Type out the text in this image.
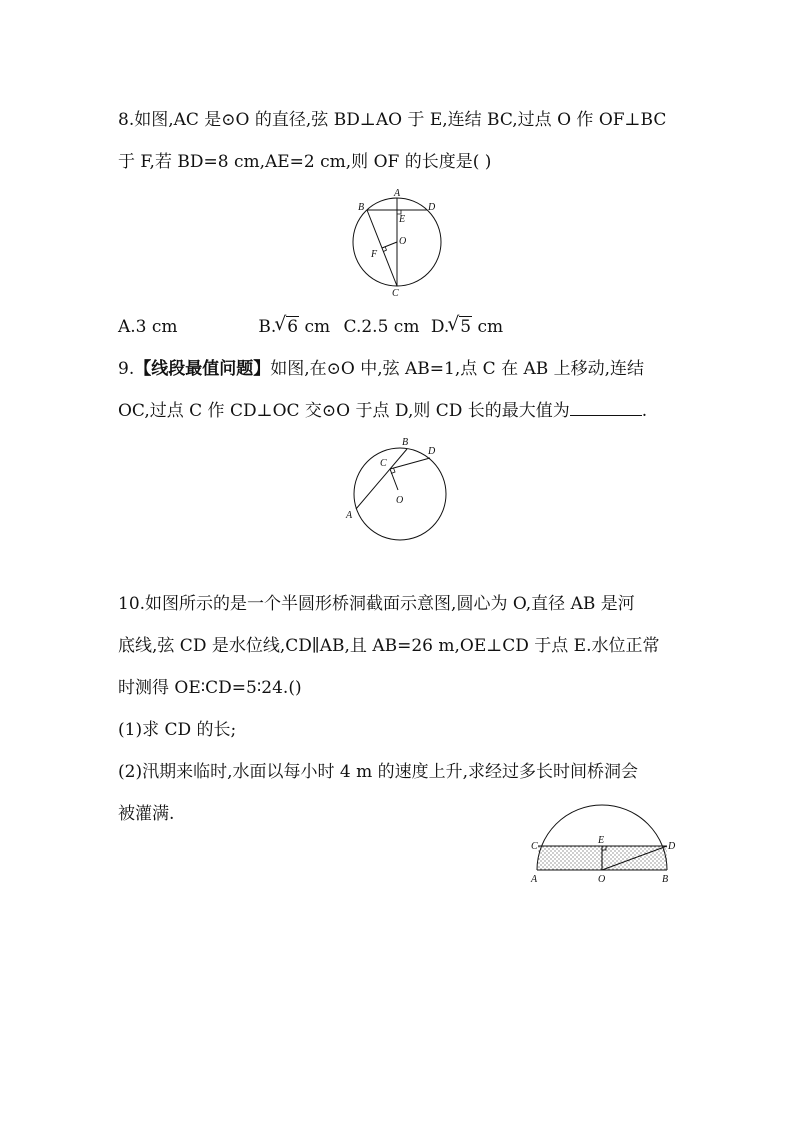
8.如图,AC 是⊙O 的直径,弦 BD⊥AO 于 E,连结 BC,过点 O 作 OF⊥BC
于 F,若 BD=8 cm,AE=2 cm,则 OF 的长度是( )
A
B	D
E
O
F
C
A.3 cm	B. √ 6 cm C.2.5 cm D. √ 5 cm
9.【线段最值问题】如图,在⊙O 中,弦 AB=1,点 C 在 AB 上移动,连结
OC,过点 C 作 CD⊥OC 交⊙O 于点 D,则 CD 长的最大值为	.
B
D
C
O
A
10.如图所示的是一个半圆形桥洞截面示意图,圆心为 O,直径 AB 是河
底线,弦 CD 是水位线,CD∥AB,且 AB=26 m,OE⊥CD 于点 E.水位正常
时测得 OE∶CD=5∶24.()
(1)求 CD 的长;
(2)汛期来临时,水面以每小时 4 m 的速度上升,求经过多长时间桥洞会
被灌满.
C
E
D
A	O	B
